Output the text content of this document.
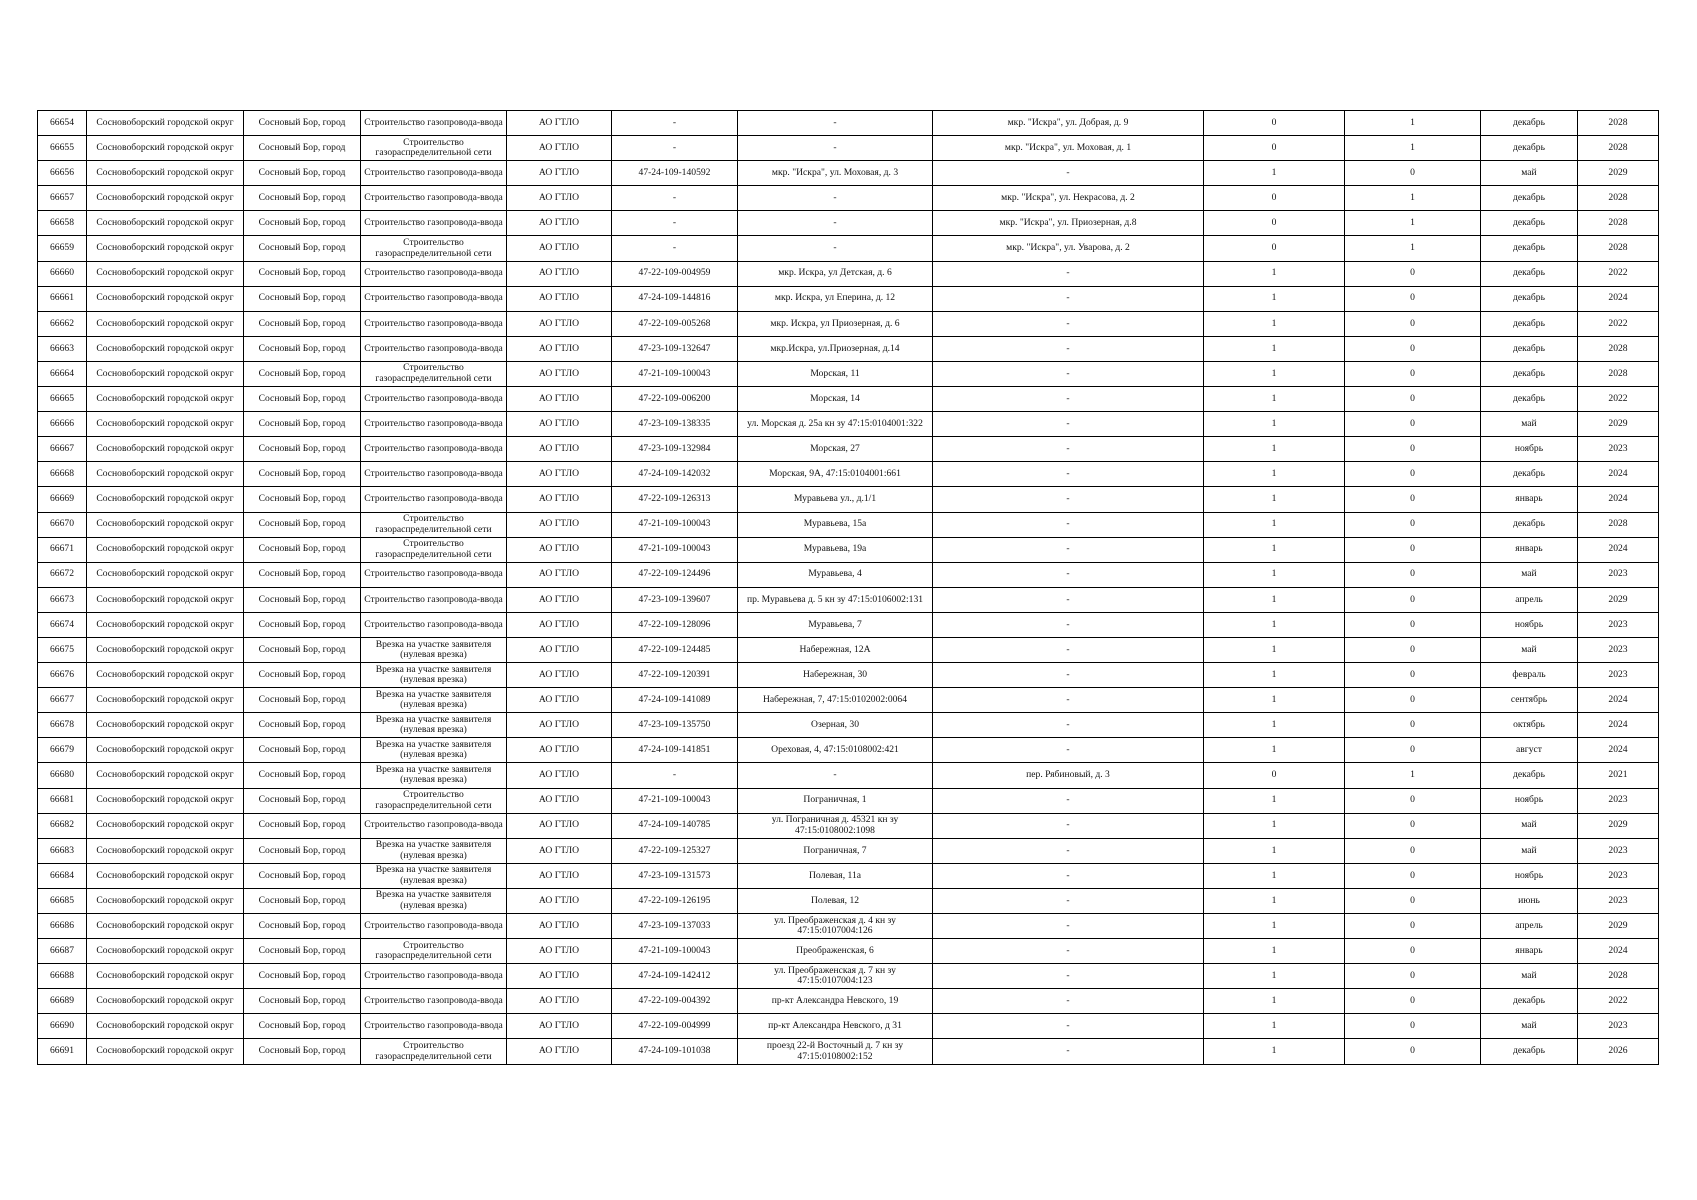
66654	Сосновоборский городской округ	Сосновый Бор, город	Строительство газопровода-ввода	АО ГТЛО	-	-	мкр. "Искра", ул. Добрая, д. 9	0	1	декабрь	2028
66655	Сосновоборский городской округ	Сосновый Бор, город	Строительство газораспределительной сети	АО ГТЛО	-	-	мкр. "Искра", ул. Моховая, д. 1	0	1	декабрь	2028
66656	Сосновоборский городской округ	Сосновый Бор, город	Строительство газопровода-ввода	АО ГТЛО	47-24-109-140592	мкр. "Искра", ул. Моховая, д. 3	-	1	0	май	2029
66657	Сосновоборский городской округ	Сосновый Бор, город	Строительство газопровода-ввода	АО ГТЛО	-	-	мкр. "Искра", ул. Некрасова, д. 2	0	1	декабрь	2028
66658	Сосновоборский городской округ	Сосновый Бор, город	Строительство газопровода-ввода	АО ГТЛО	-	-	мкр. "Искра", ул. Приозерная, д.8	0	1	декабрь	2028
66659	Сосновоборский городской округ	Сосновый Бор, город	Строительство газораспределительной сети	АО ГТЛО	-	-	мкр. "Искра", ул. Уварова, д. 2	0	1	декабрь	2028
66660	Сосновоборский городской округ	Сосновый Бор, город	Строительство газопровода-ввода	АО ГТЛО	47-22-109-004959	мкр. Искра, ул Детская, д. 6	-	1	0	декабрь	2022
66661	Сосновоборский городской округ	Сосновый Бор, город	Строительство газопровода-ввода	АО ГТЛО	47-24-109-144816	мкр. Искра, ул Еперина, д. 12	-	1	0	декабрь	2024
66662	Сосновоборский городской округ	Сосновый Бор, город	Строительство газопровода-ввода	АО ГТЛО	47-22-109-005268	мкр. Искра, ул Приозерная, д. 6	-	1	0	декабрь	2022
66663	Сосновоборский городской округ	Сосновый Бор, город	Строительство газопровода-ввода	АО ГТЛО	47-23-109-132647	мкр.Искра, ул.Приозерная, д.14	-	1	0	декабрь	2028
66664	Сосновоборский городской округ	Сосновый Бор, город	Строительство газораспределительной сети	АО ГТЛО	47-21-109-100043	Морская, 11	-	1	0	декабрь	2028
66665	Сосновоборский городской округ	Сосновый Бор, город	Строительство газопровода-ввода	АО ГТЛО	47-22-109-006200	Морская, 14	-	1	0	декабрь	2022
66666	Сосновоборский городской округ	Сосновый Бор, город	Строительство газопровода-ввода	АО ГТЛО	47-23-109-138335	ул. Морская д. 25а кн зу 47:15:0104001:322	-	1	0	май	2029
66667	Сосновоборский городской округ	Сосновый Бор, город	Строительство газопровода-ввода	АО ГТЛО	47-23-109-132984	Морская, 27	-	1	0	ноябрь	2023
66668	Сосновоборский городской округ	Сосновый Бор, город	Строительство газопровода-ввода	АО ГТЛО	47-24-109-142032	Морская, 9А, 47:15:0104001:661	-	1	0	декабрь	2024
66669	Сосновоборский городской округ	Сосновый Бор, город	Строительство газопровода-ввода	АО ГТЛО	47-22-109-126313	Муравьева ул., д.1/1	-	1	0	январь	2024
66670	Сосновоборский городской округ	Сосновый Бор, город	Строительство газораспределительной сети	АО ГТЛО	47-21-109-100043	Муравьева, 15а	-	1	0	декабрь	2028
66671	Сосновоборский городской округ	Сосновый Бор, город	Строительство газораспределительной сети	АО ГТЛО	47-21-109-100043	Муравьева, 19а	-	1	0	январь	2024
66672	Сосновоборский городской округ	Сосновый Бор, город	Строительство газопровода-ввода	АО ГТЛО	47-22-109-124496	Муравьева, 4	-	1	0	май	2023
66673	Сосновоборский городской округ	Сосновый Бор, город	Строительство газопровода-ввода	АО ГТЛО	47-23-109-139607	пр. Муравьева д. 5 кн зу 47:15:0106002:131	-	1	0	апрель	2029
66674	Сосновоборский городской округ	Сосновый Бор, город	Строительство газопровода-ввода	АО ГТЛО	47-22-109-128096	Муравьева, 7	-	1	0	ноябрь	2023
66675	Сосновоборский городской округ	Сосновый Бор, город	Врезка на участке заявителя (нулевая врезка)	АО ГТЛО	47-22-109-124485	Набережная, 12А	-	1	0	май	2023
66676	Сосновоборский городской округ	Сосновый Бор, город	Врезка на участке заявителя (нулевая врезка)	АО ГТЛО	47-22-109-120391	Набережная, 30	-	1	0	февраль	2023
66677	Сосновоборский городской округ	Сосновый Бор, город	Врезка на участке заявителя (нулевая врезка)	АО ГТЛО	47-24-109-141089	Набережная, 7, 47:15:0102002:0064	-	1	0	сентябрь	2024
66678	Сосновоборский городской округ	Сосновый Бор, город	Врезка на участке заявителя (нулевая врезка)	АО ГТЛО	47-23-109-135750	Озерная, 30	-	1	0	октябрь	2024
66679	Сосновоборский городской округ	Сосновый Бор, город	Врезка на участке заявителя (нулевая врезка)	АО ГТЛО	47-24-109-141851	Ореховая, 4, 47:15:0108002:421	-	1	0	август	2024
66680	Сосновоборский городской округ	Сосновый Бор, город	Врезка на участке заявителя (нулевая врезка)	АО ГТЛО	-	-	пер. Рябиновый, д. 3	0	1	декабрь	2021
66681	Сосновоборский городской округ	Сосновый Бор, город	Строительство газораспределительной сети	АО ГТЛО	47-21-109-100043	Пограничная, 1	-	1	0	ноябрь	2023
66682	Сосновоборский городской округ	Сосновый Бор, город	Строительство газопровода-ввода	АО ГТЛО	47-24-109-140785	ул. Пограничная д. 45321 кн зу 47:15:0108002:1098	-	1	0	май	2029
66683	Сосновоборский городской округ	Сосновый Бор, город	Врезка на участке заявителя (нулевая врезка)	АО ГТЛО	47-22-109-125327	Пограничная, 7	-	1	0	май	2023
66684	Сосновоборский городской округ	Сосновый Бор, город	Врезка на участке заявителя (нулевая врезка)	АО ГТЛО	47-23-109-131573	Полевая, 11а	-	1	0	ноябрь	2023
66685	Сосновоборский городской округ	Сосновый Бор, город	Врезка на участке заявителя (нулевая врезка)	АО ГТЛО	47-22-109-126195	Полевая, 12	-	1	0	июнь	2023
66686	Сосновоборский городской округ	Сосновый Бор, город	Строительство газопровода-ввода	АО ГТЛО	47-23-109-137033	ул. Преображенская д. 4 кн зу 47:15:0107004:126	-	1	0	апрель	2029
66687	Сосновоборский городской округ	Сосновый Бор, город	Строительство газораспределительной сети	АО ГТЛО	47-21-109-100043	Преображенская, 6	-	1	0	январь	2024
66688	Сосновоборский городской округ	Сосновый Бор, город	Строительство газопровода-ввода	АО ГТЛО	47-24-109-142412	ул. Преображенская д. 7 кн зу 47:15:0107004:123	-	1	0	май	2028
66689	Сосновоборский городской округ	Сосновый Бор, город	Строительство газопровода-ввода	АО ГТЛО	47-22-109-004392	пр-кт Александра Невского, 19	-	1	0	декабрь	2022
66690	Сосновоборский городской округ	Сосновый Бор, город	Строительство газопровода-ввода	АО ГТЛО	47-22-109-004999	пр-кт Александра Невского, д 31	-	1	0	май	2023
66691	Сосновоборский городской округ	Сосновый Бор, город	Строительство газораспределительной сети	АО ГТЛО	47-24-109-101038	проезд 22-й Восточный д. 7 кн зу 47:15:0108002:152	-	1	0	декабрь	2026
